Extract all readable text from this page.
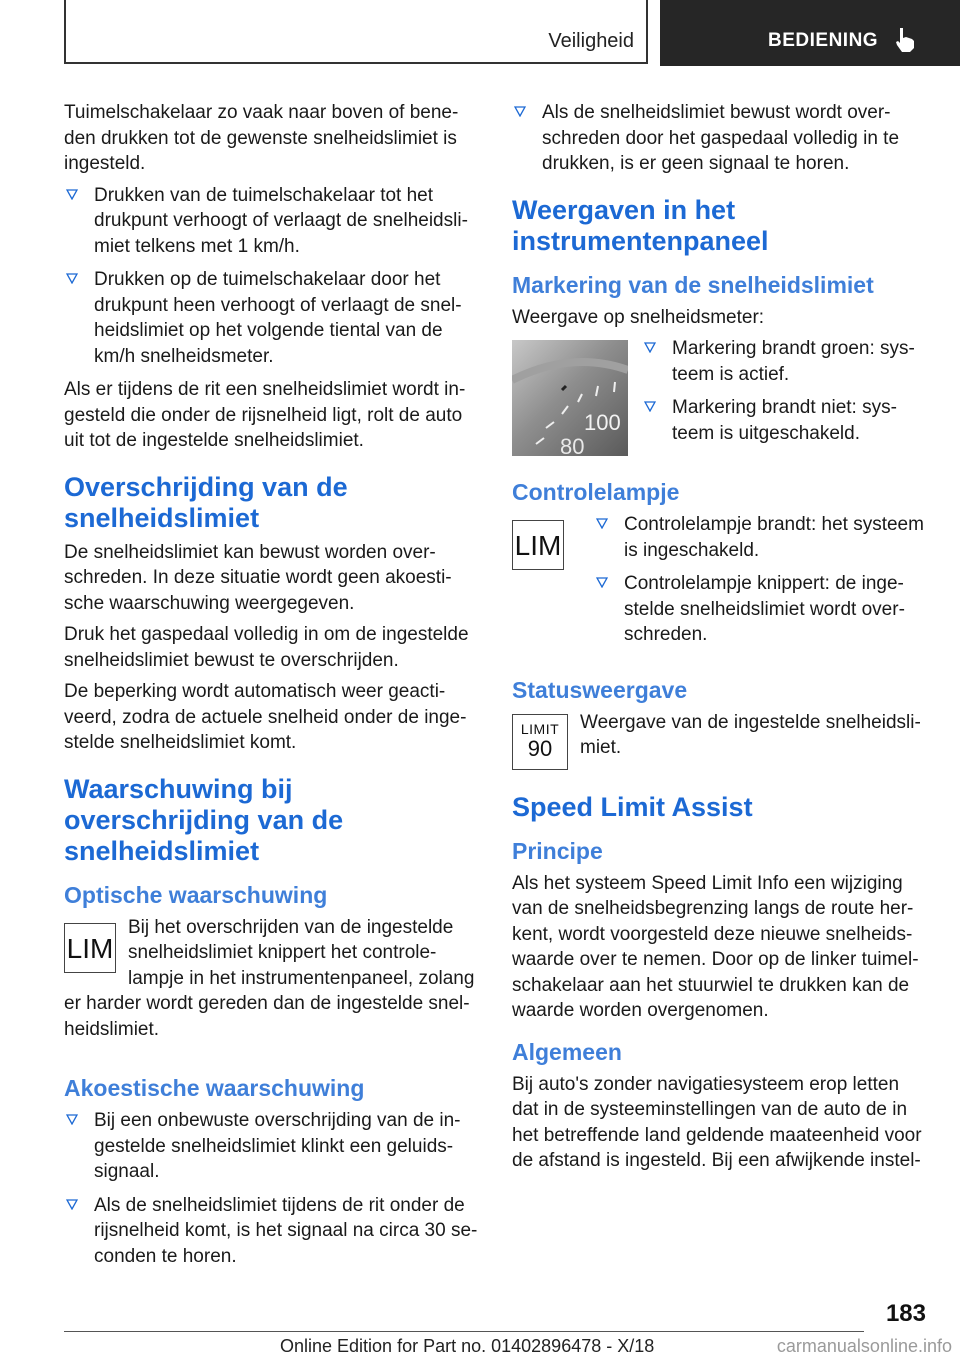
Veiligheid	BEDIENING

Tuimelschakelaar zo vaak naar boven of bene-den drukken tot de gewenste snelheidslimiet is ingesteld.

Drukken van de tuimelschakelaar tot het drukpunt verhoogt of verlaagt de snelheidsli-miet telkens met 1 km/h.
Drukken op de tuimelschakelaar door het drukpunt heen verhoogt of verlaagt de snel-heidslimiet op het volgende tiental van de km/h snelheidsmeter.

Als er tijdens de rit een snelheidslimiet wordt in-gesteld die onder de rijsnelheid ligt, rolt de auto uit tot de ingestelde snelheidslimiet.

Overschrijding van de snelheidslimiet

De snelheidslimiet kan bewust worden over-schreden. In deze situatie wordt geen akoesti-sche waarschuwing weergegeven.

Druk het gaspedaal volledig in om de ingestelde snelheidslimiet bewust te overschrijden.

De beperking wordt automatisch weer geacti-veerd, zodra de actuele snelheid onder de inge-stelde snelheidslimiet komt.

Waarschuwing bij overschrijding van de snelheidslimiet
Optische waarschuwing
LIM

Bij het overschrijden van de ingestelde snelheidslimiet knippert het controle-lampje in het instrumentenpaneel, zolang er harder wordt gereden dan de ingestelde snel-heidslimiet.

Akoestische waarschuwing
Bij een onbewuste overschrijding van de in-gestelde snelheidslimiet klinkt een geluids-signaal.
Als de snelheidslimiet tijdens de rit onder de rijsnelheid komt, is het signaal na circa 30 se-conden te horen.
Als de snelheidslimiet bewust wordt over-schreden door het gaspedaal volledig in te drukken, is er geen signaal te horen.
Weergaven in het instrumentenpaneel
Markering van de snelheidslimiet

Weergave op snelheidsmeter:

100
80
Markering brandt groen: sys-teem is actief.
Markering brandt niet: sys-teem is uitgeschakeld.
Controlelampje
LIM
Controlelampje brandt: het systeem is ingeschakeld.
Controlelampje knippert: de inge-stelde snelheidslimiet wordt over-schreden.
Statusweergave
LIMIT
90

Weergave van de ingestelde snelheidsli-miet.

Speed Limit Assist
Principe

Als het systeem Speed Limit Info een wijziging van de snelheidsbegrenzing langs de route her-kent, wordt voorgesteld deze nieuwe snelheids-waarde over te nemen. Door op de linker tuimel-schakelaar aan het stuurwiel te drukken kan de waarde worden overgenomen.

Algemeen

Bij auto's zonder navigatiesysteem erop letten dat in de systeeminstellingen van de auto de in het betreffende land geldende maateenheid voor de afstand is ingesteld. Bij een afwijkende instel-

183
Online Edition for Part no. 01402896478 - X/18	carmanualsonline.info
